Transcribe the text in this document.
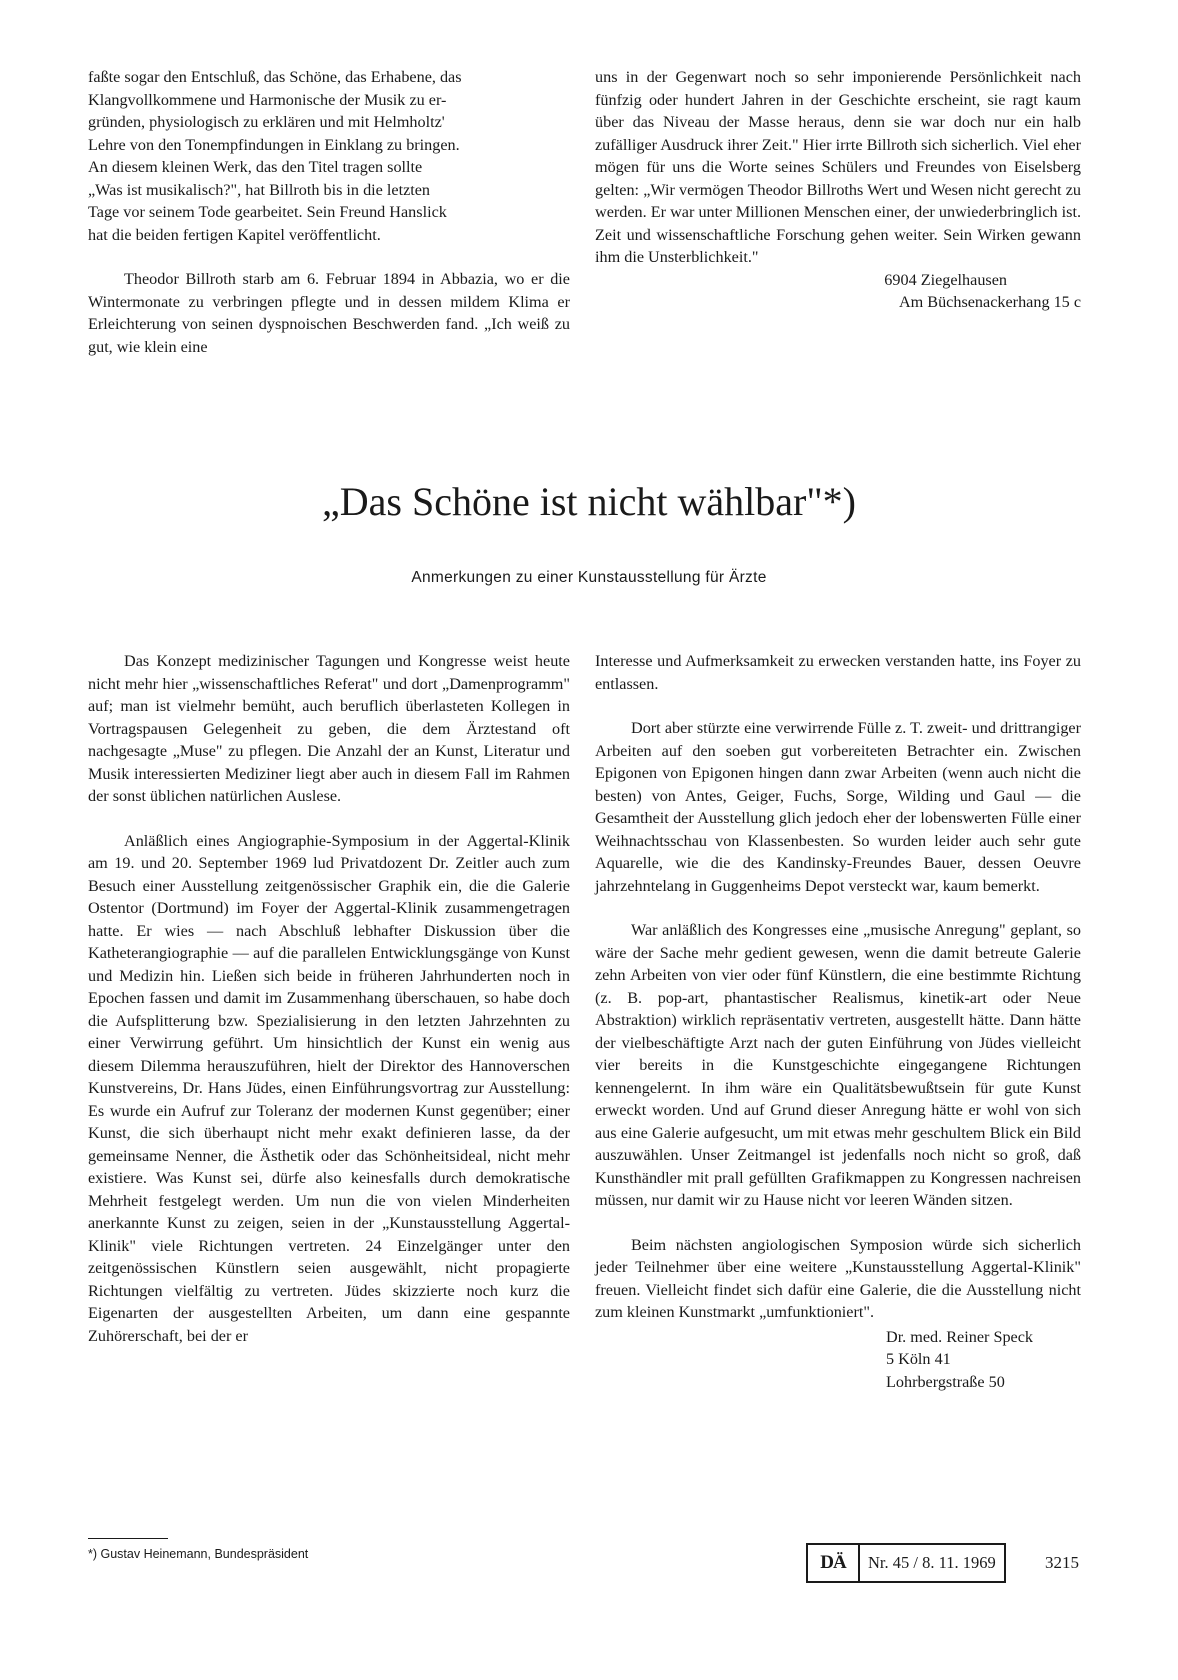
faßte sogar den Entschluß, das Schöne, das Erhabene, das

Klangvollkommene und Harmonische der Musik zu er-

gründen, physiologisch zu erklären und mit Helmholtz'

Lehre von den Tonempfindungen in Einklang zu bringen.

An diesem kleinen Werk, das den Titel tragen sollte

„Was ist musikalisch?", hat Billroth bis in die letzten

Tage vor seinem Tode gearbeitet. Sein Freund Hanslick

hat die beiden fertigen Kapitel veröffentlicht.

Theodor Billroth starb am 6. Februar 1894 in Abbazia, wo er die Wintermonate zu verbringen pflegte und in dessen mildem Klima er Erleichterung von seinen dyspnoischen Beschwerden fand. „Ich weiß zu gut, wie klein eine

uns in der Gegenwart noch so sehr imponierende Persönlichkeit nach fünfzig oder hundert Jahren in der Geschichte erscheint, sie ragt kaum über das Niveau der Masse heraus, denn sie war doch nur ein halb zufälliger Ausdruck ihrer Zeit." Hier irrte Billroth sich sicherlich. Viel eher mögen für uns die Worte seines Schülers und Freundes von Eiselsberg gelten: „Wir vermögen Theodor Billroths Wert und Wesen nicht gerecht zu werden. Er war unter Millionen Menschen einer, der unwiederbringlich ist. Zeit und wissenschaftliche Forschung gehen weiter. Sein Wirken gewann ihm die Unsterblichkeit."

6904 Ziegelhausen

Am Büchsenackerhang 15 c

„Das Schöne ist nicht wählbar"*)
Anmerkungen zu einer Kunstausstellung für Ärzte

Das Konzept medizinischer Tagungen und Kongresse weist heute nicht mehr hier „wissenschaftliches Referat" und dort „Damenprogramm" auf; man ist vielmehr bemüht, auch beruflich überlasteten Kollegen in Vortragspausen Gelegenheit zu geben, die dem Ärztestand oft nachgesagte „Muse" zu pflegen. Die Anzahl der an Kunst, Literatur und Musik interessierten Mediziner liegt aber auch in diesem Fall im Rahmen der sonst üblichen natürlichen Auslese.

Anläßlich eines Angiographie-Symposium in der Aggertal-Klinik am 19. und 20. September 1969 lud Privatdozent Dr. Zeitler auch zum Besuch einer Ausstellung zeitgenössischer Graphik ein, die die Galerie Ostentor (Dortmund) im Foyer der Aggertal-Klinik zusammengetragen hatte. Er wies — nach Abschluß lebhafter Diskussion über die Katheterangiographie — auf die parallelen Entwicklungsgänge von Kunst und Medizin hin. Ließen sich beide in früheren Jahrhunderten noch in Epochen fassen und damit im Zusammenhang überschauen, so habe doch die Aufsplitterung bzw. Spezialisierung in den letzten Jahrzehnten zu einer Verwirrung geführt. Um hinsichtlich der Kunst ein wenig aus diesem Dilemma herauszuführen, hielt der Direktor des Hannoverschen Kunstvereins, Dr. Hans Jüdes, einen Einführungsvortrag zur Ausstellung: Es wurde ein Aufruf zur Toleranz der modernen Kunst gegenüber; einer Kunst, die sich überhaupt nicht mehr exakt definieren lasse, da der gemeinsame Nenner, die Ästhetik oder das Schönheitsideal, nicht mehr existiere. Was Kunst sei, dürfe also keinesfalls durch demokratische Mehrheit festgelegt werden. Um nun die von vielen Minderheiten anerkannte Kunst zu zeigen, seien in der „Kunstausstellung Aggertal-Klinik" viele Richtungen vertreten. 24 Einzelgänger unter den zeitgenössischen Künstlern seien ausgewählt, nicht propagierte Richtungen vielfältig zu vertreten. Jüdes skizzierte noch kurz die Eigenarten der ausgestellten Arbeiten, um dann eine gespannte Zuhörerschaft, bei der er

Interesse und Aufmerksamkeit zu erwecken verstanden hatte, ins Foyer zu entlassen.

Dort aber stürzte eine verwirrende Fülle z. T. zweit- und drittrangiger Arbeiten auf den soeben gut vorbereiteten Betrachter ein. Zwischen Epigonen von Epigonen hingen dann zwar Arbeiten (wenn auch nicht die besten) von Antes, Geiger, Fuchs, Sorge, Wilding und Gaul — die Gesamtheit der Ausstellung glich jedoch eher der lobenswerten Fülle einer Weihnachtsschau von Klassenbesten. So wurden leider auch sehr gute Aquarelle, wie die des Kandinsky-Freundes Bauer, dessen Oeuvre jahrzehntelang in Guggenheims Depot versteckt war, kaum bemerkt.

War anläßlich des Kongresses eine „musische Anregung" geplant, so wäre der Sache mehr gedient gewesen, wenn die damit betreute Galerie zehn Arbeiten von vier oder fünf Künstlern, die eine bestimmte Richtung (z. B. pop-art, phantastischer Realismus, kinetik-art oder Neue Abstraktion) wirklich repräsentativ vertreten, ausgestellt hätte. Dann hätte der vielbeschäftigte Arzt nach der guten Einführung von Jüdes vielleicht vier bereits in die Kunstgeschichte eingegangene Richtungen kennengelernt. In ihm wäre ein Qualitätsbewußtsein für gute Kunst erweckt worden. Und auf Grund dieser Anregung hätte er wohl von sich aus eine Galerie aufgesucht, um mit etwas mehr geschultem Blick ein Bild auszuwählen. Unser Zeitmangel ist jedenfalls noch nicht so groß, daß Kunsthändler mit prall gefüllten Grafikmappen zu Kongressen nachreisen müssen, nur damit wir zu Hause nicht vor leeren Wänden sitzen.

Beim nächsten angiologischen Symposion würde sich sicherlich jeder Teilnehmer über eine weitere „Kunstausstellung Aggertal-Klinik" freuen. Vielleicht findet sich dafür eine Galerie, die die Ausstellung nicht zum kleinen Kunstmarkt „umfunktioniert".

Dr. med. Reiner Speck

5 Köln 41

Lohrbergstraße 50

*) Gustav Heinemann, Bundespräsident	DÄ	Nr. 45 / 8. 11. 1969	3215
